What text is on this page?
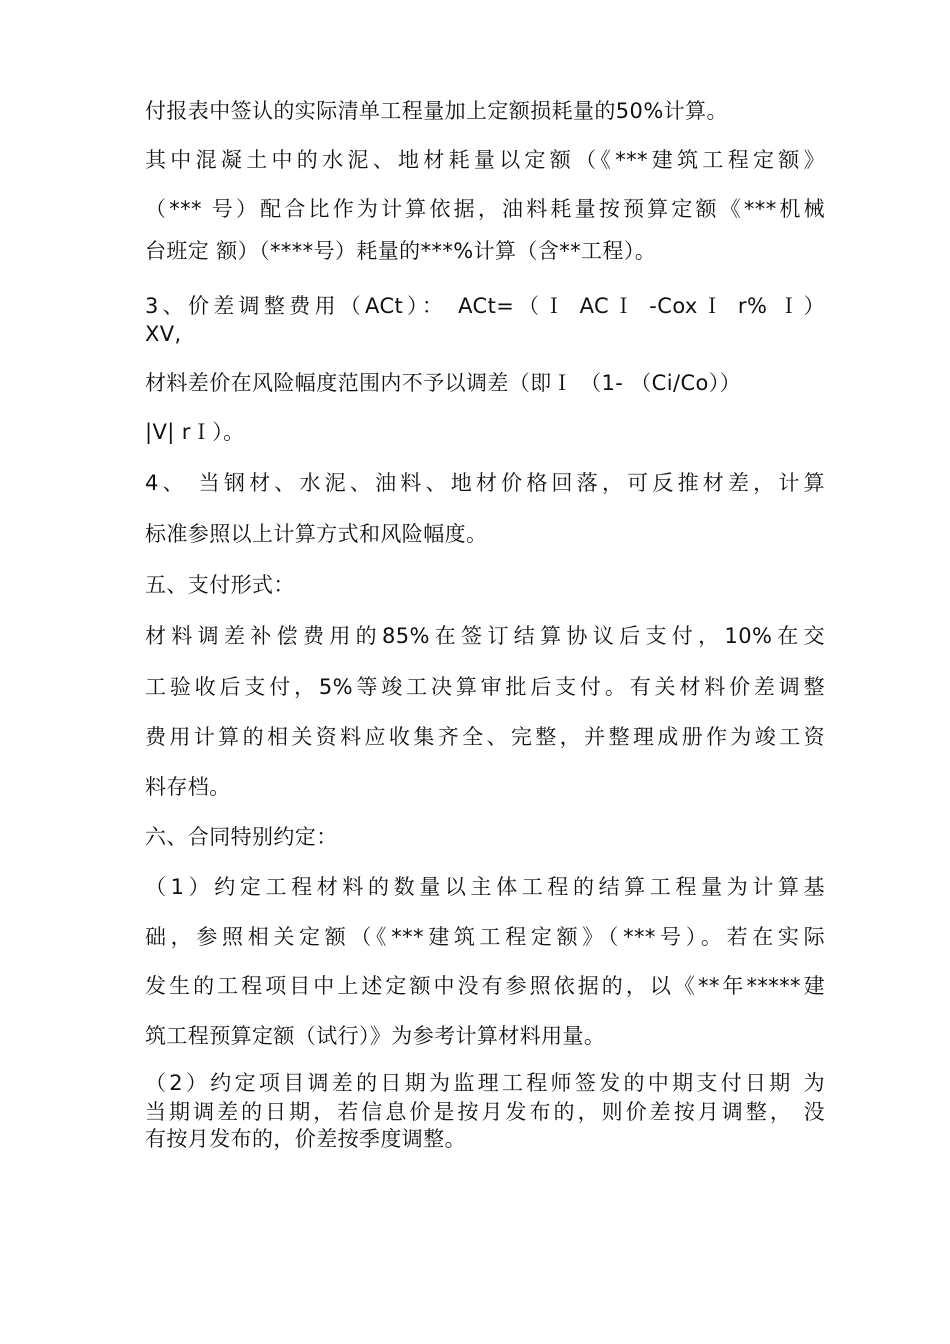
付报表中签认的实际清单工程量加上定额损耗量的50%计算。
其中混凝土中的水泥、地材耗量以定额（《***建筑工程定额》
（*** 号）配合比作为计算依据，油料耗量按预算定额《***机械
台班定 额）（****号）耗量的***%计算（含**工程）。
3、价差调整费用（ACt）： ACt=（Ｉ ACＩ -CoxＩ r% Ｉ）
XV,
材料差价在风险幅度范围内不予以调差（即Ｉ （1- （Ci/Co））
|V| rＩ）。
4、 当钢材、水泥、油料、地材价格回落，可反推材差，计算
标准参照以上计算方式和风险幅度。
五、支付形式：
材料调差补偿费用的85%在签订结算协议后支付，10%在交
工验收后支付，5%等竣工决算审批后支付。有关材料价差调整
费用计算的相关资料应收集齐全、完整，并整理成册作为竣工资
料存档。
六、合同特别约定：
（1）约定工程材料的数量以主体工程的结算工程量为计算基
础，参照相关定额（《***建筑工程定额》（***号）。若在实际
发生的工程项目中上述定额中没有参照依据的，以《**年*****建
筑工程预算定额（试行）》为参考计算材料用量。
（2）约定项目调差的日期为监理工程师签发的中期支付日期 为
当期调差的日期，若信息价是按月发布的，则价差按月调整， 没
有按月发布的，价差按季度调整。
